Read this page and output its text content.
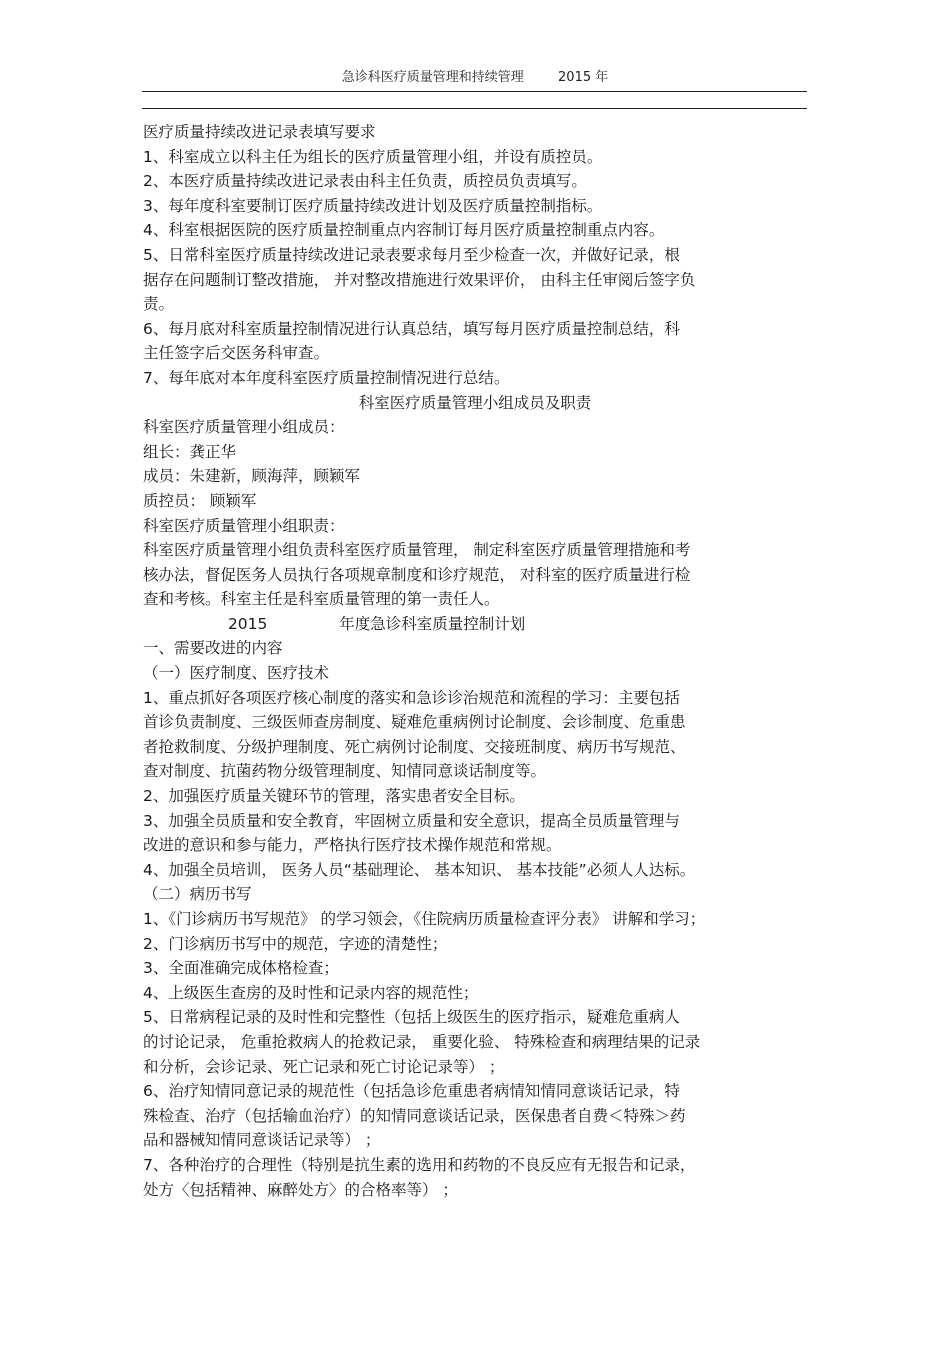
急诊科医疗质量管理和持续管理	2015 年
医疗质量持续改进记录表填写要求
1、科室成立以科主任为组长的医疗质量管理小组，并设有质控员。
2、本医疗质量持续改进记录表由科主任负责，质控员负责填写。
3、每年度科室要制订医疗质量持续改进计划及医疗质量控制指标。
4、科室根据医院的医疗质量控制重点内容制订每月医疗质量控制重点内容。
5、日常科室医疗质量持续改进记录表要求每月至少检查一次，并做好记录，根
据存在问题制订整改措施， 并对整改措施进行效果评价， 由科主任审阅后签字负
责。
6、每月底对科室质量控制情况进行认真总结，填写每月医疗质量控制总结，科
主任签字后交医务科审查。
7、每年底对本年度科室医疗质量控制情况进行总结。
科室医疗质量管理小组成员及职责
科室医疗质量管理小组成员：
组长：龚正华
成员：朱建新，顾海萍，顾颖军
质控员： 顾颖军
科室医疗质量管理小组职责：
科室医疗质量管理小组负责科室医疗质量管理， 制定科室医疗质量管理措施和考
核办法，督促医务人员执行各项规章制度和诊疗规范， 对科室的医疗质量进行检
查和考核。科室主任是科室质量管理的第一责任人。
2015	年度急诊科室质量控制计划
一、需要改进的内容
（一）医疗制度、医疗技术
1、重点抓好各项医疗核心制度的落实和急诊诊治规范和流程的学习：主要包括
首诊负责制度、三级医师查房制度、疑难危重病例讨论制度、会诊制度、危重患
者抢救制度、分级护理制度、死亡病例讨论制度、交接班制度、病历书写规范、
查对制度、抗菌药物分级管理制度、知情同意谈话制度等。
2、加强医疗质量关键环节的管理，落实患者安全目标。
3、加强全员质量和安全教育，牢固树立质量和安全意识，提高全员质量管理与
改进的意识和参与能力，严格执行医疗技术操作规范和常规。
4、加强全员培训， 医务人员“基础理论、 基本知识、 基本技能”必须人人达标。
（二）病历书写
1、《门诊病历书写规范》 的学习领会，《住院病历质量检查评分表》 讲解和学习；
2、门诊病历书写中的规范，字迹的清楚性；
3、全面准确完成体格检查；
4、上级医生查房的及时性和记录内容的规范性；
5、日常病程记录的及时性和完整性（包括上级医生的医疗指示，疑难危重病人
的讨论记录， 危重抢救病人的抢救记录， 重要化验、 特殊检查和病理结果的记录
和分析，会诊记录、死亡记录和死亡讨论记录等） ；
6、治疗知情同意记录的规范性（包括急诊危重患者病情知情同意谈话记录，特
殊检查、治疗（包括输血治疗）的知情同意谈话记录，医保患者自费＜特殊＞药
品和器械知情同意谈话记录等） ；
7、各种治疗的合理性（特别是抗生素的选用和药物的不良反应有无报告和记录，
处方〈包括精神、麻醉处方〉的合格率等） ；
